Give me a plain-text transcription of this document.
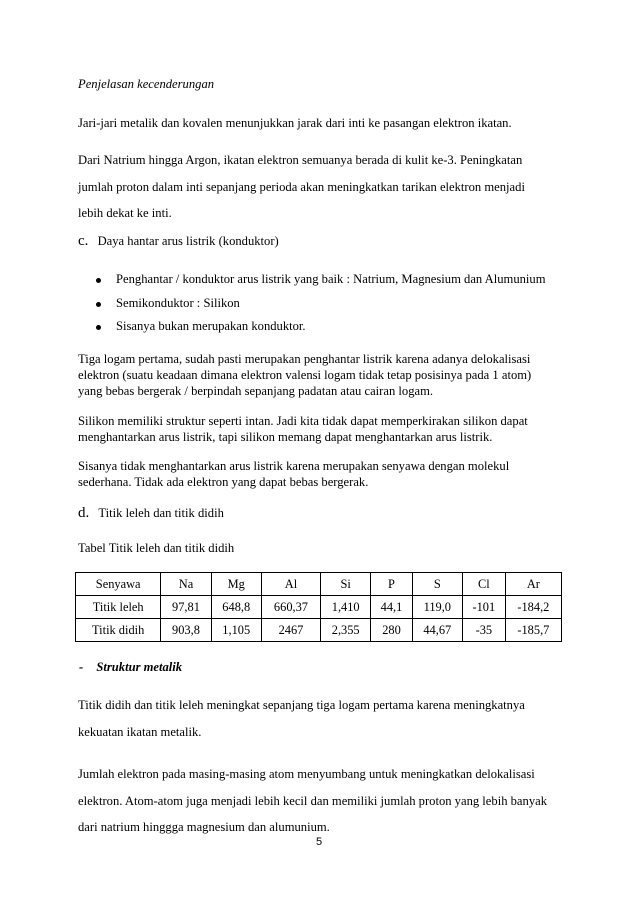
Penjelasan kecenderungan
Jari-jari metalik dan kovalen menunjukkan jarak dari inti ke pasangan elektron ikatan.
Dari Natrium hingga Argon, ikatan elektron semuanya berada di kulit ke-3. Peningkatan
jumlah proton dalam inti sepanjang perioda akan meningkatkan tarikan elektron menjadi
lebih dekat ke inti.
c. Daya hantar arus listrik (konduktor)
Penghantar / konduktor arus listrik yang baik : Natrium, Magnesium dan Alumunium
Semikonduktor : Silikon
Sisanya bukan merupakan konduktor.
Tiga logam pertama, sudah pasti merupakan penghantar listrik karena adanya delokalisasi
elektron (suatu keadaan dimana elektron valensi logam tidak tetap posisinya pada 1 atom)
yang bebas bergerak / berpindah sepanjang padatan atau cairan logam.
Silikon memiliki struktur seperti intan. Jadi kita tidak dapat memperkirakan silikon dapat
menghantarkan arus listrik, tapi silikon memang dapat menghantarkan arus listrik.
Sisanya tidak menghantarkan arus listrik karena merupakan senyawa dengan molekul
sederhana. Tidak ada elektron yang dapat bebas bergerak.
d. Titik leleh dan titik didih
Tabel Titik leleh dan titik didih
Senyawa	Na	Mg	Al	Si	P	S	Cl	Ar
Titik leleh	97,81	648,8	660,37	1,410	44,1	119,0	-101	-184,2
Titik didih	903,8	1,105	2467	2,355	280	44,67	-35	-185,7
- Struktur metalik
Titik didih dan titik leleh meningkat sepanjang tiga logam pertama karena meningkatnya
kekuatan ikatan metalik.
Jumlah elektron pada masing-masing atom menyumbang untuk meningkatkan delokalisasi
elektron. Atom-atom juga menjadi lebih kecil dan memiliki jumlah proton yang lebih banyak
dari natrium hinggga magnesium dan alumunium.
5
